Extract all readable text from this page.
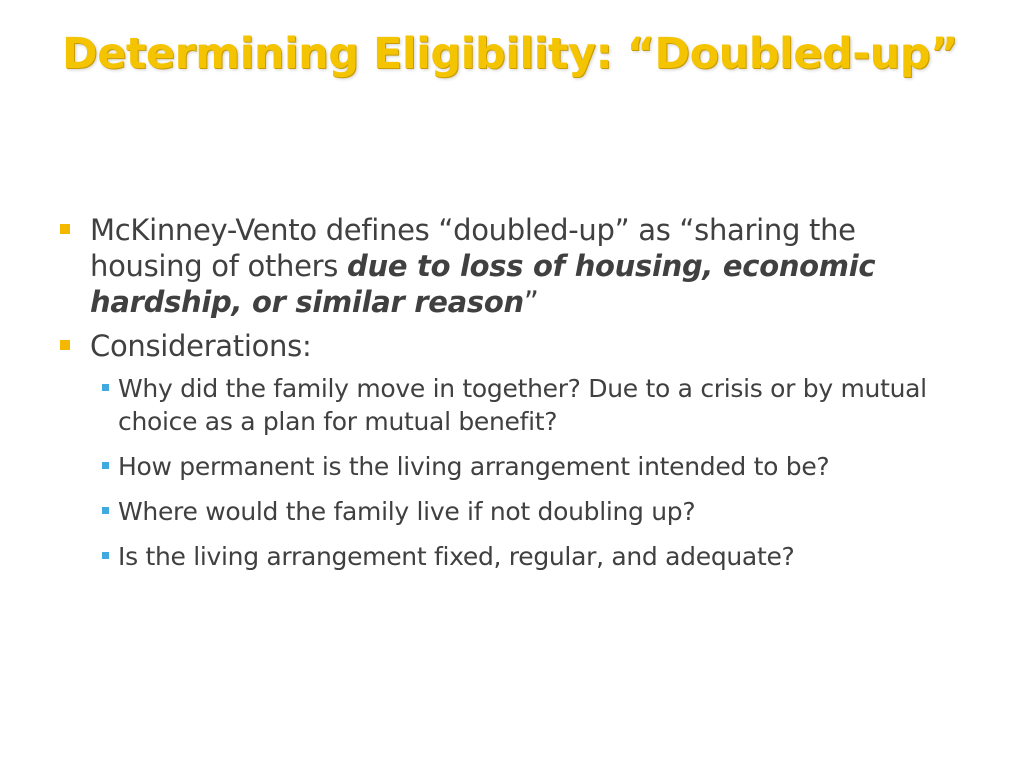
Determining Eligibility: “Doubled-up”
McKinney-Vento defines “doubled-up” as “sharing the housing of others due to loss of housing, economic hardship, or similar reason”
Considerations:
Why did the family move in together? Due to a crisis or by mutual choice as a plan for mutual benefit?
How permanent is the living arrangement intended to be?
Where would the family live if not doubling up?
Is the living arrangement fixed, regular, and adequate?
